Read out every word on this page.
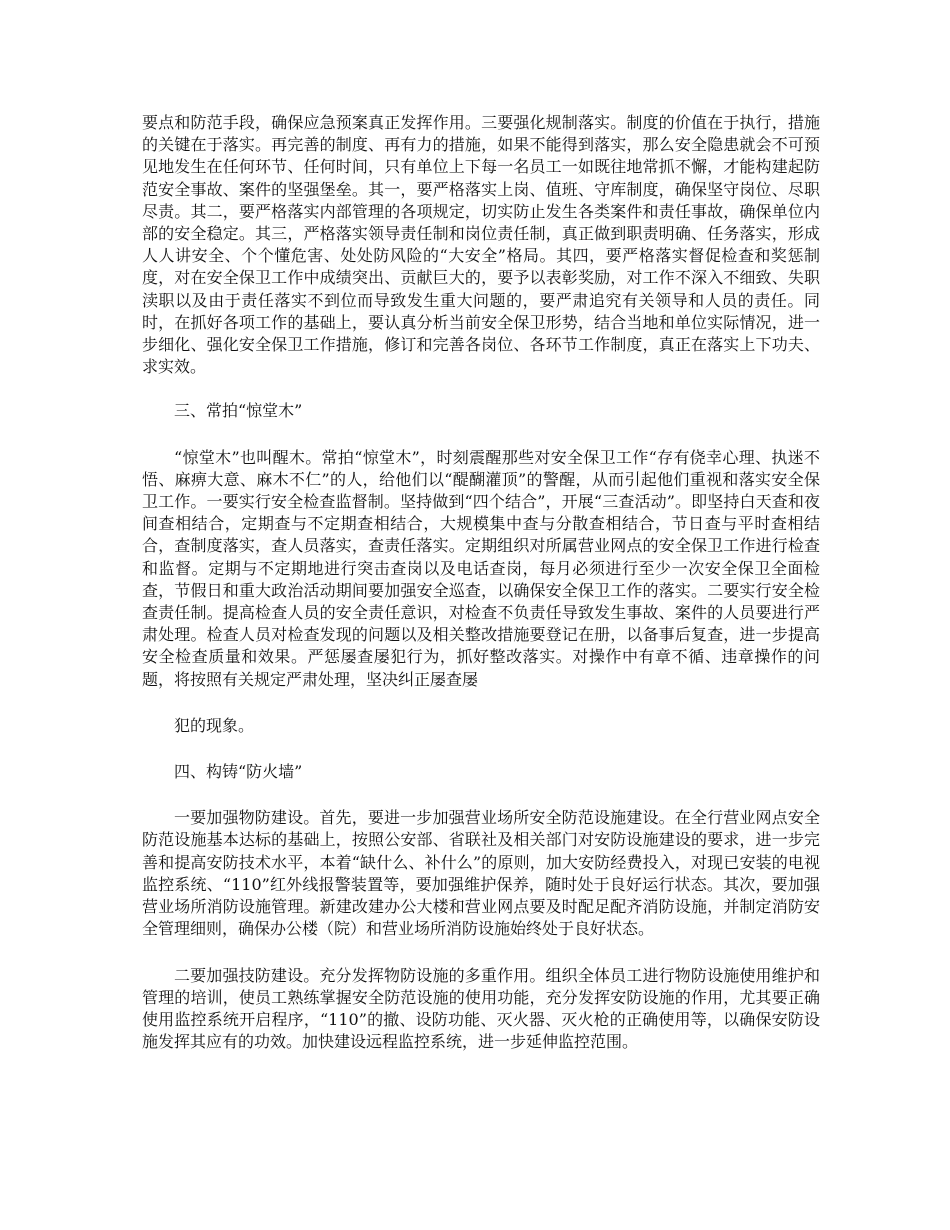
要点和防范手段，确保应急预案真正发挥作用。三要强化规制落实。制度的价值在于执行，措施的关键在于落实。再完善的制度、再有力的措施，如果不能得到落实，那么安全隐患就会不可预见地发生在任何环节、任何时间，只有单位上下每一名员工一如既往地常抓不懈，才能构建起防范安全事故、案件的坚强堡垒。其一，要严格落实上岗、值班、守库制度，确保坚守岗位、尽职尽责。其二，要严格落实内部管理的各项规定，切实防止发生各类案件和责任事故，确保单位内部的安全稳定。其三，严格落实领导责任制和岗位责任制，真正做到职责明确、任务落实，形成人人讲安全、个个懂危害、处处防风险的“大安全”格局。其四，要严格落实督促检查和奖惩制度，对在安全保卫工作中成绩突出、贡献巨大的，要予以表彰奖励，对工作不深入不细致、失职渎职以及由于责任落实不到位而导致发生重大问题的，要严肃追究有关领导和人员的责任。同时，在抓好各项工作的基础上，要认真分析当前安全保卫形势，结合当地和单位实际情况，进一步细化、强化安全保卫工作措施，修订和完善各岗位、各环节工作制度，真正在落实上下功夫、求实效。

三、常拍“惊堂木”

“惊堂木”也叫醒木。常拍“惊堂木”，时刻震醒那些对安全保卫工作“存有侥幸心理、执迷不悟、麻痹大意、麻木不仁”的人，给他们以“醍醐灌顶”的警醒，从而引起他们重视和落实安全保卫工作。一要实行安全检查监督制。坚持做到“四个结合”，开展“三查活动”。即坚持白天查和夜间查相结合，定期查与不定期查相结合，大规模集中查与分散查相结合，节日查与平时查相结合，查制度落实，查人员落实，查责任落实。定期组织对所属营业网点的安全保卫工作进行检查和监督。定期与不定期地进行突击查岗以及电话查岗，每月必须进行至少一次安全保卫全面检查，节假日和重大政治活动期间要加强安全巡查，以确保安全保卫工作的落实。二要实行安全检查责任制。提高检查人员的安全责任意识，对检查不负责任导致发生事故、案件的人员要进行严肃处理。检查人员对检查发现的问题以及相关整改措施要登记在册，以备事后复查，进一步提高安全检查质量和效果。严惩屡查屡犯行为，抓好整改落实。对操作中有章不循、违章操作的问题，将按照有关规定严肃处理，坚决纠正屡查屡

犯的现象。

四、构铸“防火墙”

一要加强物防建设。首先，要进一步加强营业场所安全防范设施建设。在全行营业网点安全防范设施基本达标的基础上，按照公安部、省联社及相关部门对安防设施建设的要求，进一步完善和提高安防技术水平，本着“缺什么、补什么”的原则，加大安防经费投入，对现已安装的电视监控系统、“110”红外线报警装置等，要加强维护保养，随时处于良好运行状态。其次，要加强营业场所消防设施管理。新建改建办公大楼和营业网点要及时配足配齐消防设施，并制定消防安全管理细则，确保办公楼（院）和营业场所消防设施始终处于良好状态。

二要加强技防建设。充分发挥物防设施的多重作用。组织全体员工进行物防设施使用维护和管理的培训，使员工熟练掌握安全防范设施的使用功能，充分发挥安防设施的作用，尤其要正确使用监控系统开启程序，“110”的撤、设防功能、灭火器、灭火枪的正确使用等，以确保安防设施发挥其应有的功效。加快建设远程监控系统，进一步延伸监控范围。
